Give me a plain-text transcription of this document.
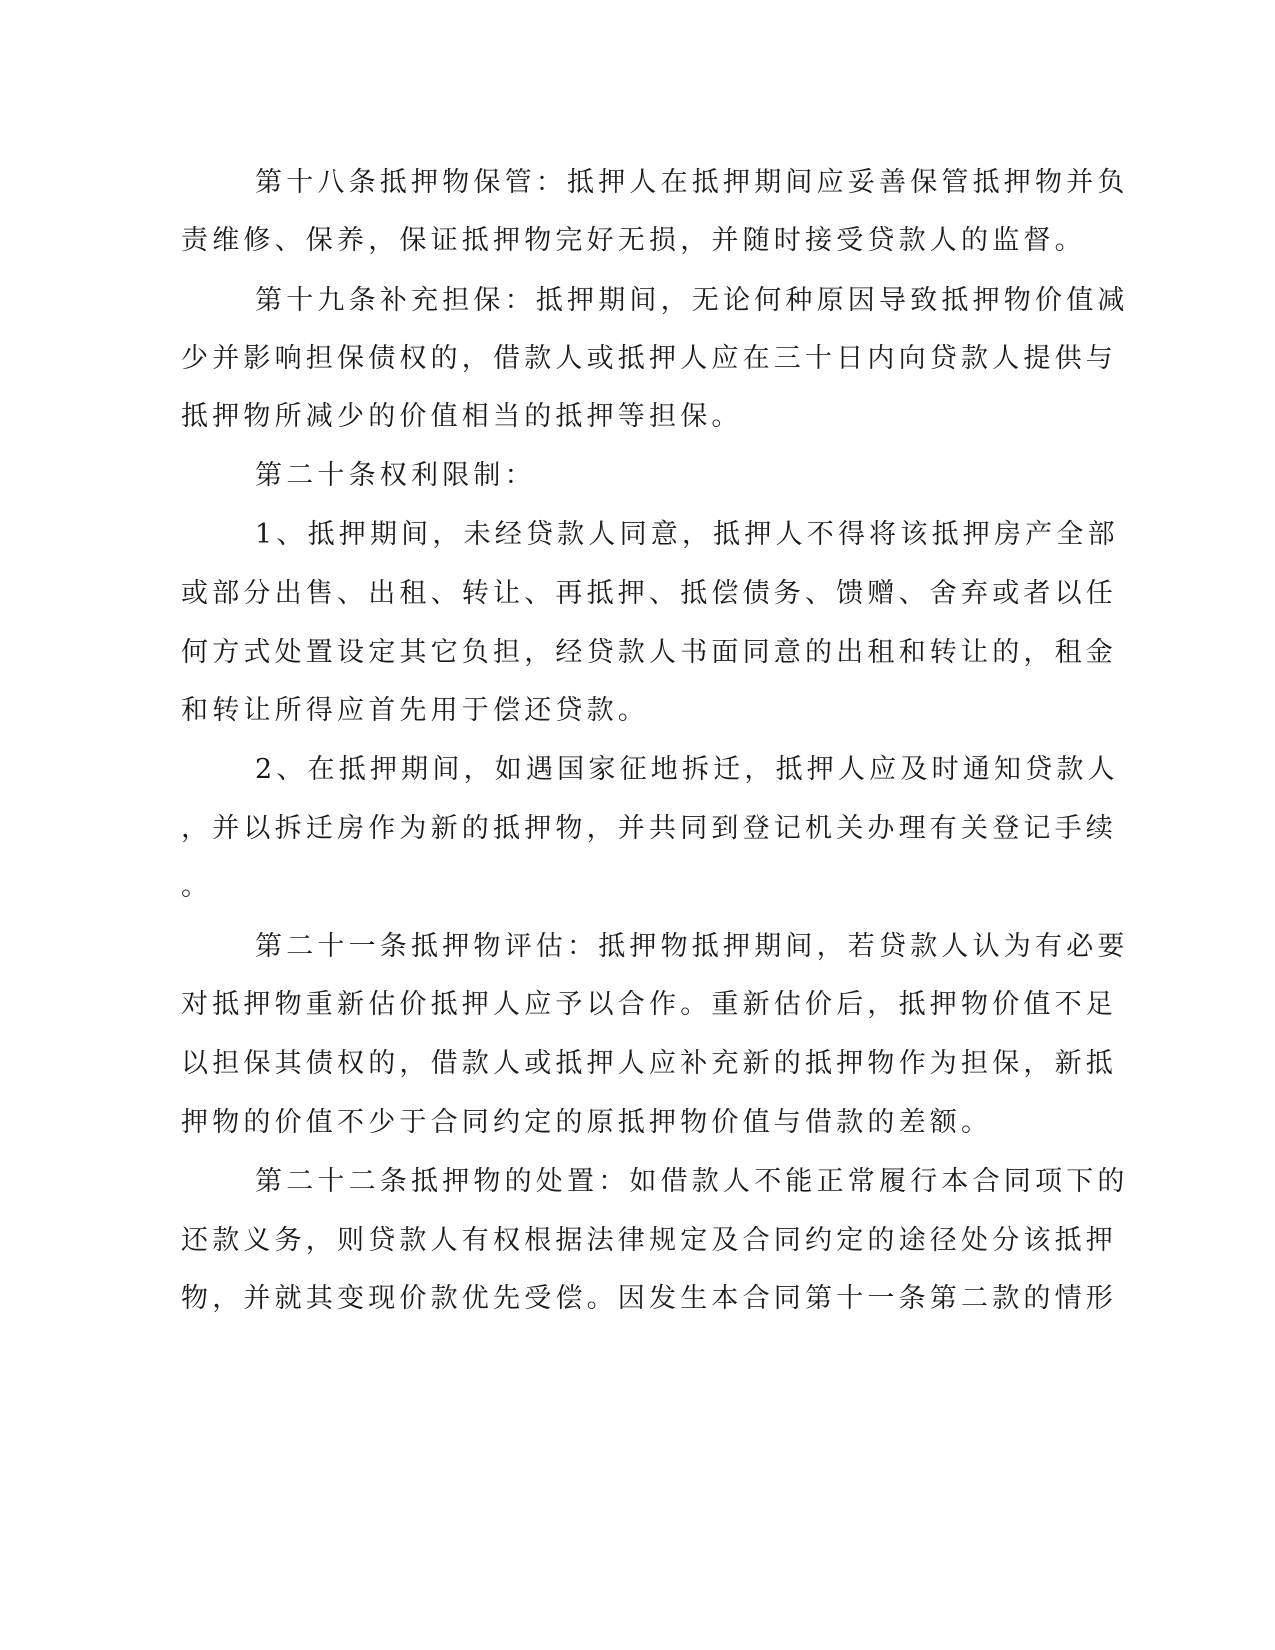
第十八条抵押物保管：抵押人在抵押期间应妥善保管抵押物并负

责维修、保养，保证抵押物完好无损，并随时接受贷款人的监督。

第十九条补充担保：抵押期间，无论何种原因导致抵押物价值减

少并影响担保债权的，借款人或抵押人应在三十日内向贷款人提供与

抵押物所减少的价值相当的抵押等担保。

第二十条权利限制：

1、抵押期间，未经贷款人同意，抵押人不得将该抵押房产全部

或部分出售、出租、转让、再抵押、抵偿债务、馈赠、舍弃或者以任

何方式处置设定其它负担，经贷款人书面同意的出租和转让的，租金

和转让所得应首先用于偿还贷款。

2、在抵押期间，如遇国家征地拆迁，抵押人应及时通知贷款人

，并以拆迁房作为新的抵押物，并共同到登记机关办理有关登记手续

。

第二十一条抵押物评估：抵押物抵押期间，若贷款人认为有必要

对抵押物重新估价抵押人应予以合作。重新估价后，抵押物价值不足

以担保其债权的，借款人或抵押人应补充新的抵押物作为担保，新抵

押物的价值不少于合同约定的原抵押物价值与借款的差额。

第二十二条抵押物的处置：如借款人不能正常履行本合同项下的

还款义务，则贷款人有权根据法律规定及合同约定的途径处分该抵押

物，并就其变现价款优先受偿。因发生本合同第十一条第二款的情形
